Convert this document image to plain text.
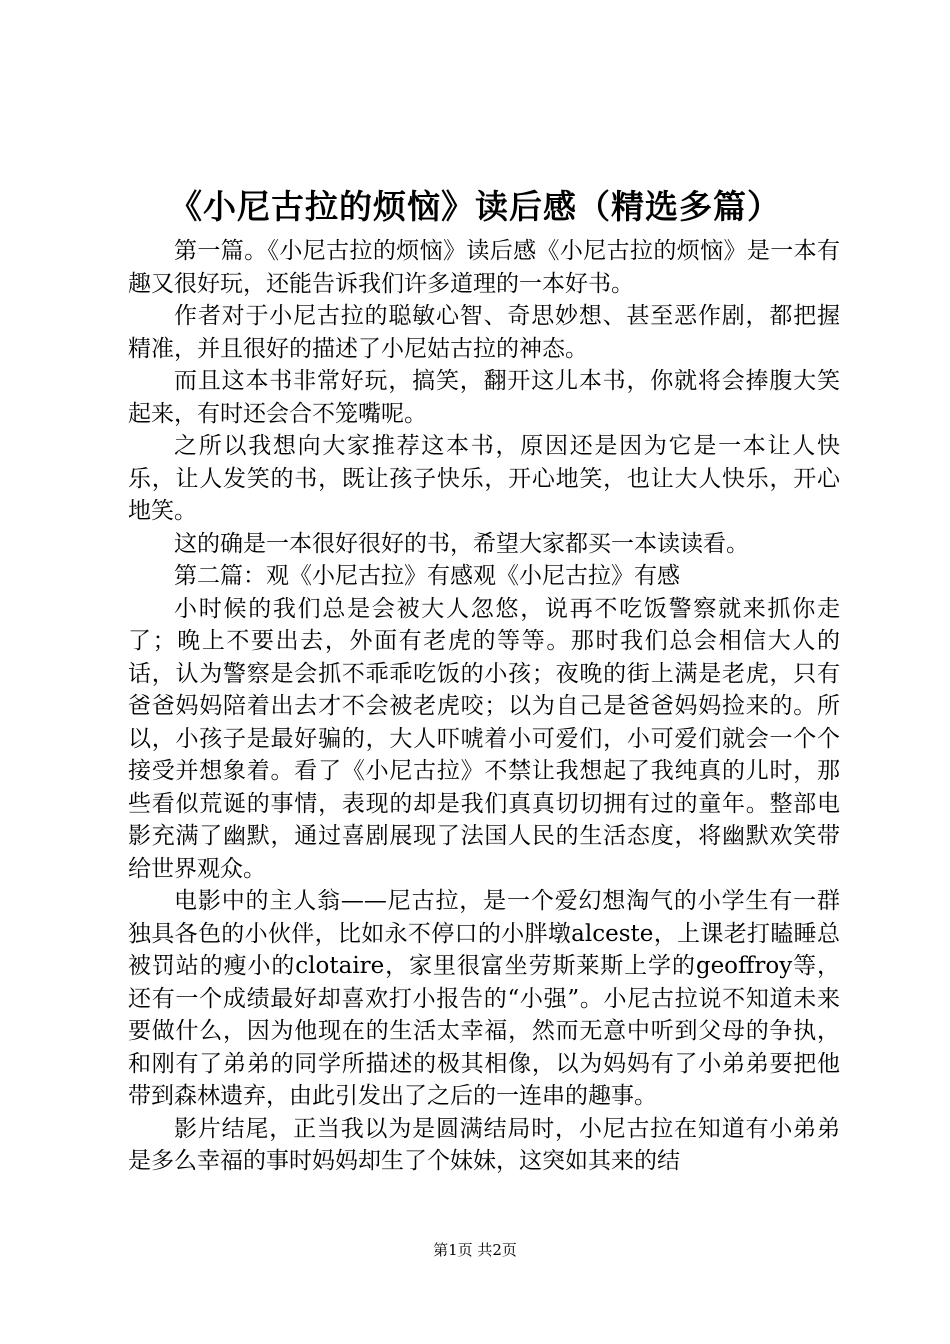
《小尼古拉的烦恼》读后感（精选多篇）

第一篇。《小尼古拉的烦恼》读后感《小尼古拉的烦恼》是一本有趣又很好玩，还能告诉我们许多道理的一本好书。

作者对于小尼古拉的聪敏心智、奇思妙想、甚至恶作剧，都把握精准，并且很好的描述了小尼姑古拉的神态。

而且这本书非常好玩，搞笑，翻开这儿本书，你就将会捧腹大笑起来，有时还会合不笼嘴呢。

之所以我想向大家推荐这本书，原因还是因为它是一本让人快乐，让人发笑的书，既让孩子快乐，开心地笑，也让大人快乐，开心地笑。

这的确是一本很好很好的书，希望大家都买一本读读看。

第二篇：观《小尼古拉》有感观《小尼古拉》有感

小时候的我们总是会被大人忽悠，说再不吃饭警察就来抓你走了；晚上不要出去，外面有老虎的等等。那时我们总会相信大人的话，认为警察是会抓不乖乖吃饭的小孩；夜晚的街上满是老虎，只有爸爸妈妈陪着出去才不会被老虎咬；以为自己是爸爸妈妈捡来的。所以，小孩子是最好骗的，大人吓唬着小可爱们，小可爱们就会一个个接受并想象着。看了《小尼古拉》不禁让我想起了我纯真的儿时，那些看似荒诞的事情，表现的却是我们真真切切拥有过的童年。整部电影充满了幽默，通过喜剧展现了法国人民的生活态度，将幽默欢笑带给世界观众。

电影中的主人翁——尼古拉，是一个爱幻想淘气的小学生有一群独具各色的小伙伴，比如永不停口的小胖墩alceste，上课老打瞌睡总被罚站的瘦小的clotaire，家里很富坐劳斯莱斯上学的geoffroy等，还有一个成绩最好却喜欢打小报告的“小强”。小尼古拉说不知道未来要做什么，因为他现在的生活太幸福，然而无意中听到父母的争执，和刚有了弟弟的同学所描述的极其相像，以为妈妈有了小弟弟要把他带到森林遗弃，由此引发出了之后的一连串的趣事。

影片结尾，正当我以为是圆满结局时，小尼古拉在知道有小弟弟是多么幸福的事时妈妈却生了个妹妹，这突如其来的结

第1页 共2页
